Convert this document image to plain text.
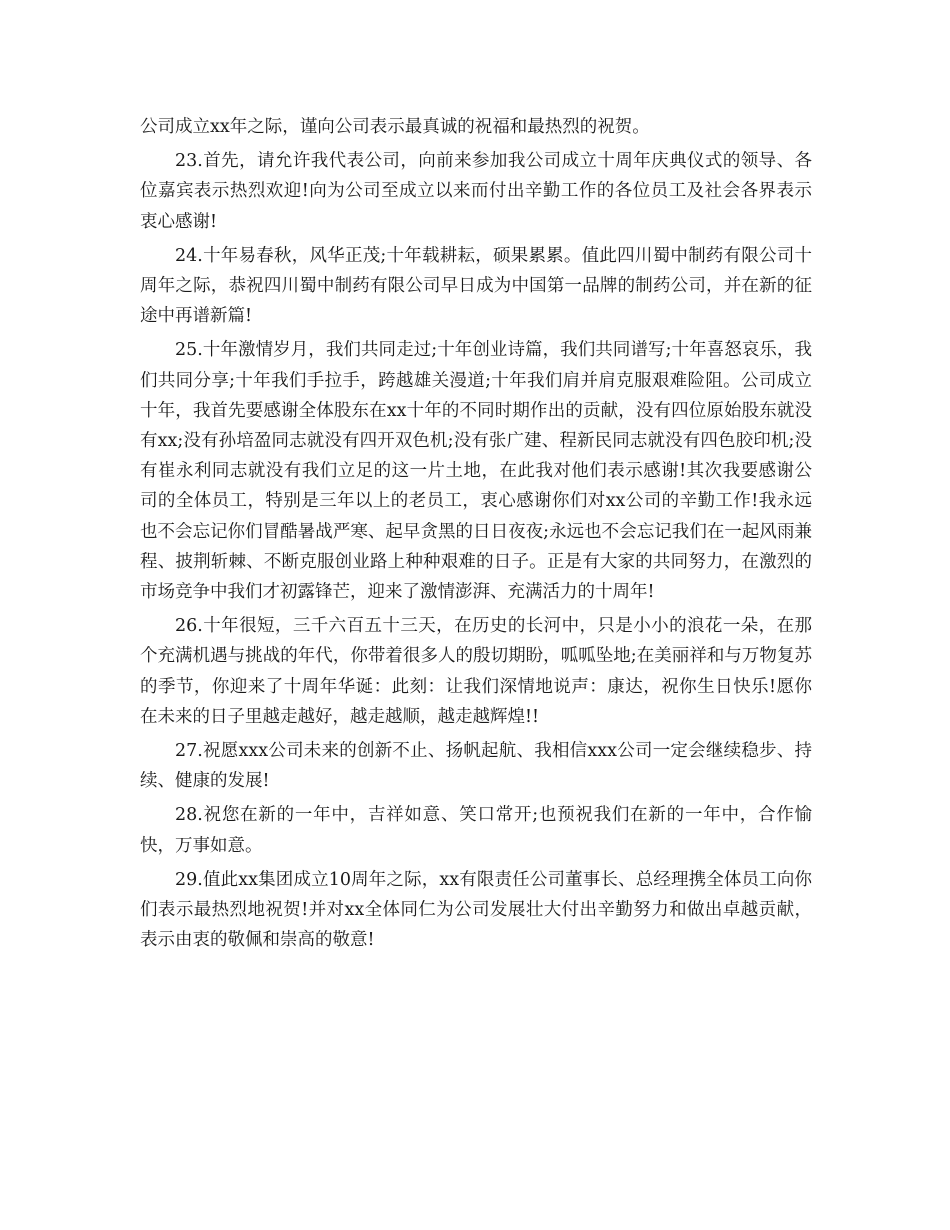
公司成立xx年之际，谨向公司表示最真诚的祝福和最热烈的祝贺。

23.首先，请允许我代表公司，向前来参加我公司成立十周年庆典仪式的领导、各位嘉宾表示热烈欢迎!向为公司至成立以来而付出辛勤工作的各位员工及社会各界表示衷心感谢!

24.十年易春秋，风华正茂;十年载耕耘，硕果累累。值此四川蜀中制药有限公司十周年之际，恭祝四川蜀中制药有限公司早日成为中国第一品牌的制药公司，并在新的征途中再谱新篇!

25.十年激情岁月，我们共同走过;十年创业诗篇，我们共同谱写;十年喜怒哀乐，我们共同分享;十年我们手拉手，跨越雄关漫道;十年我们肩并肩克服艰难险阻。公司成立十年，我首先要感谢全体股东在xx十年的不同时期作出的贡献，没有四位原始股东就没有xx;没有孙培盈同志就没有四开双色机;没有张广建、程新民同志就没有四色胶印机;没有崔永利同志就没有我们立足的这一片土地，在此我对他们表示感谢!其次我要感谢公司的全体员工，特别是三年以上的老员工，衷心感谢你们对xx公司的辛勤工作!我永远也不会忘记你们冒酷暑战严寒、起早贪黑的日日夜夜;永远也不会忘记我们在一起风雨兼程、披荆斩棘、不断克服创业路上种种艰难的日子。正是有大家的共同努力，在激烈的市场竞争中我们才初露锋芒，迎来了激情澎湃、充满活力的十周年!

26.十年很短，三千六百五十三天，在历史的长河中，只是小小的浪花一朵，在那个充满机遇与挑战的年代，你带着很多人的殷切期盼，呱呱坠地;在美丽祥和与万物复苏的季节，你迎来了十周年华诞：此刻：让我们深情地说声：康达，祝你生日快乐!愿你在未来的日子里越走越好，越走越顺，越走越辉煌!!

27.祝愿xxx公司未来的创新不止、扬帆起航、我相信xxx公司一定会继续稳步、持续、健康的发展!

28.祝您在新的一年中，吉祥如意、笑口常开;也预祝我们在新的一年中，合作愉快，万事如意。

29.值此xx集团成立10周年之际，xx有限责任公司董事长、总经理携全体员工向你们表示最热烈地祝贺!并对xx全体同仁为公司发展壮大付出辛勤努力和做出卓越贡献，表示由衷的敬佩和崇高的敬意!
